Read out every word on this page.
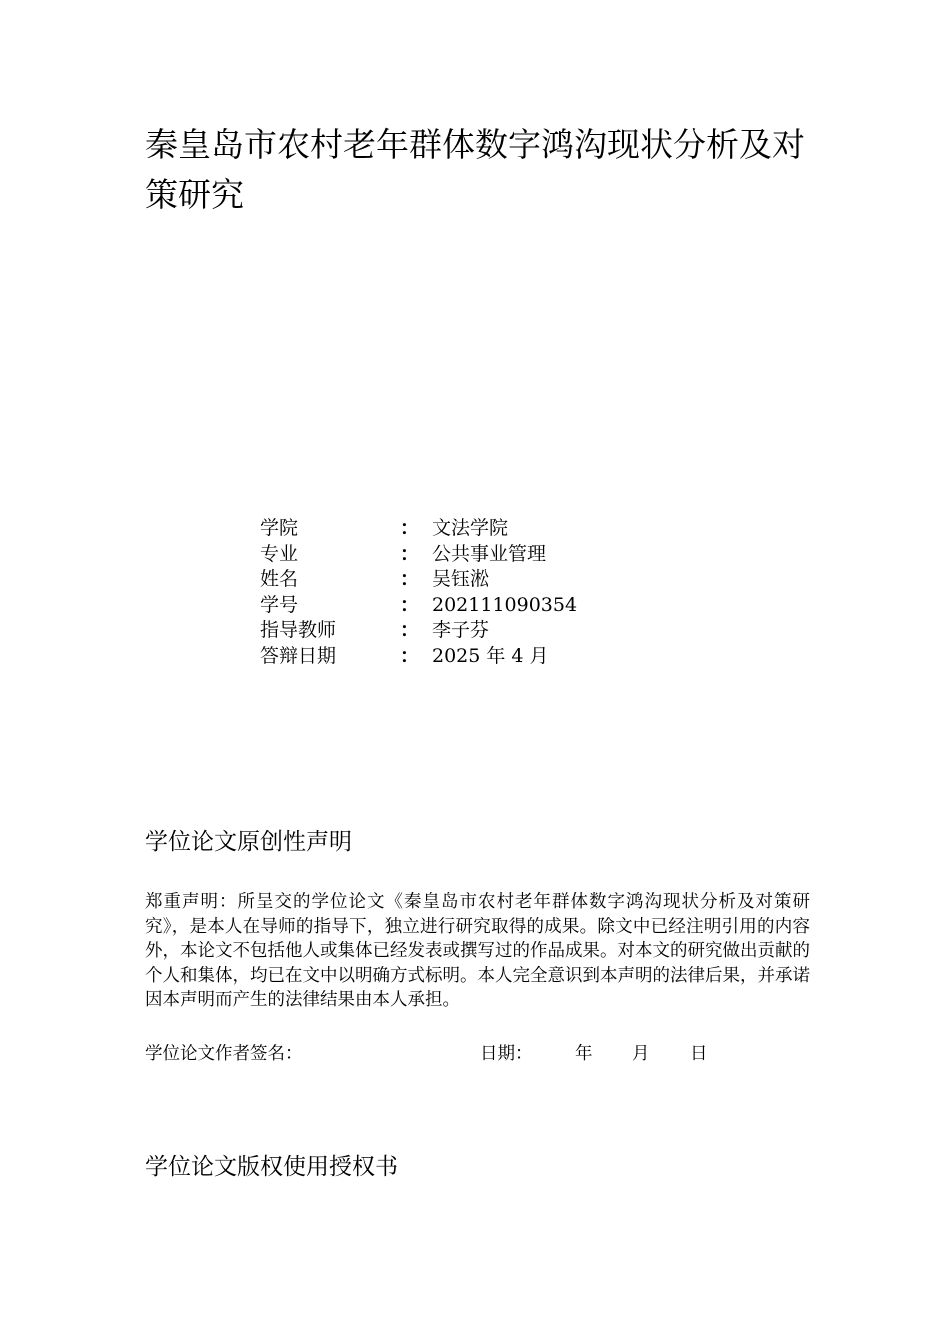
秦皇岛市农村老年群体数字鸿沟现状分析及对策研究
学院	： 文法学院
专业	： 公共事业管理
姓名	： 吴钰淞
学号	： 202111090354
指导教师	： 李子芬
答辩日期	： 2025 年 4 月
学位论文原创性声明

郑重声明：所呈交的学位论文《秦皇岛市农村老年群体数字鸿沟现状分析及对策研究》，是本人在导师的指导下，独立进行研究取得的成果。除文中已经注明引用的内容外，本论文不包括他人或集体已经发表或撰写过的作品成果。对本文的研究做出贡献的个人和集体，均已在文中以明确方式标明。本人完全意识到本声明的法律后果，并承诺因本声明而产生的法律结果由本人承担。

学位论文作者签名：	日期： 年 月 日
学位论文版权使用授权书
